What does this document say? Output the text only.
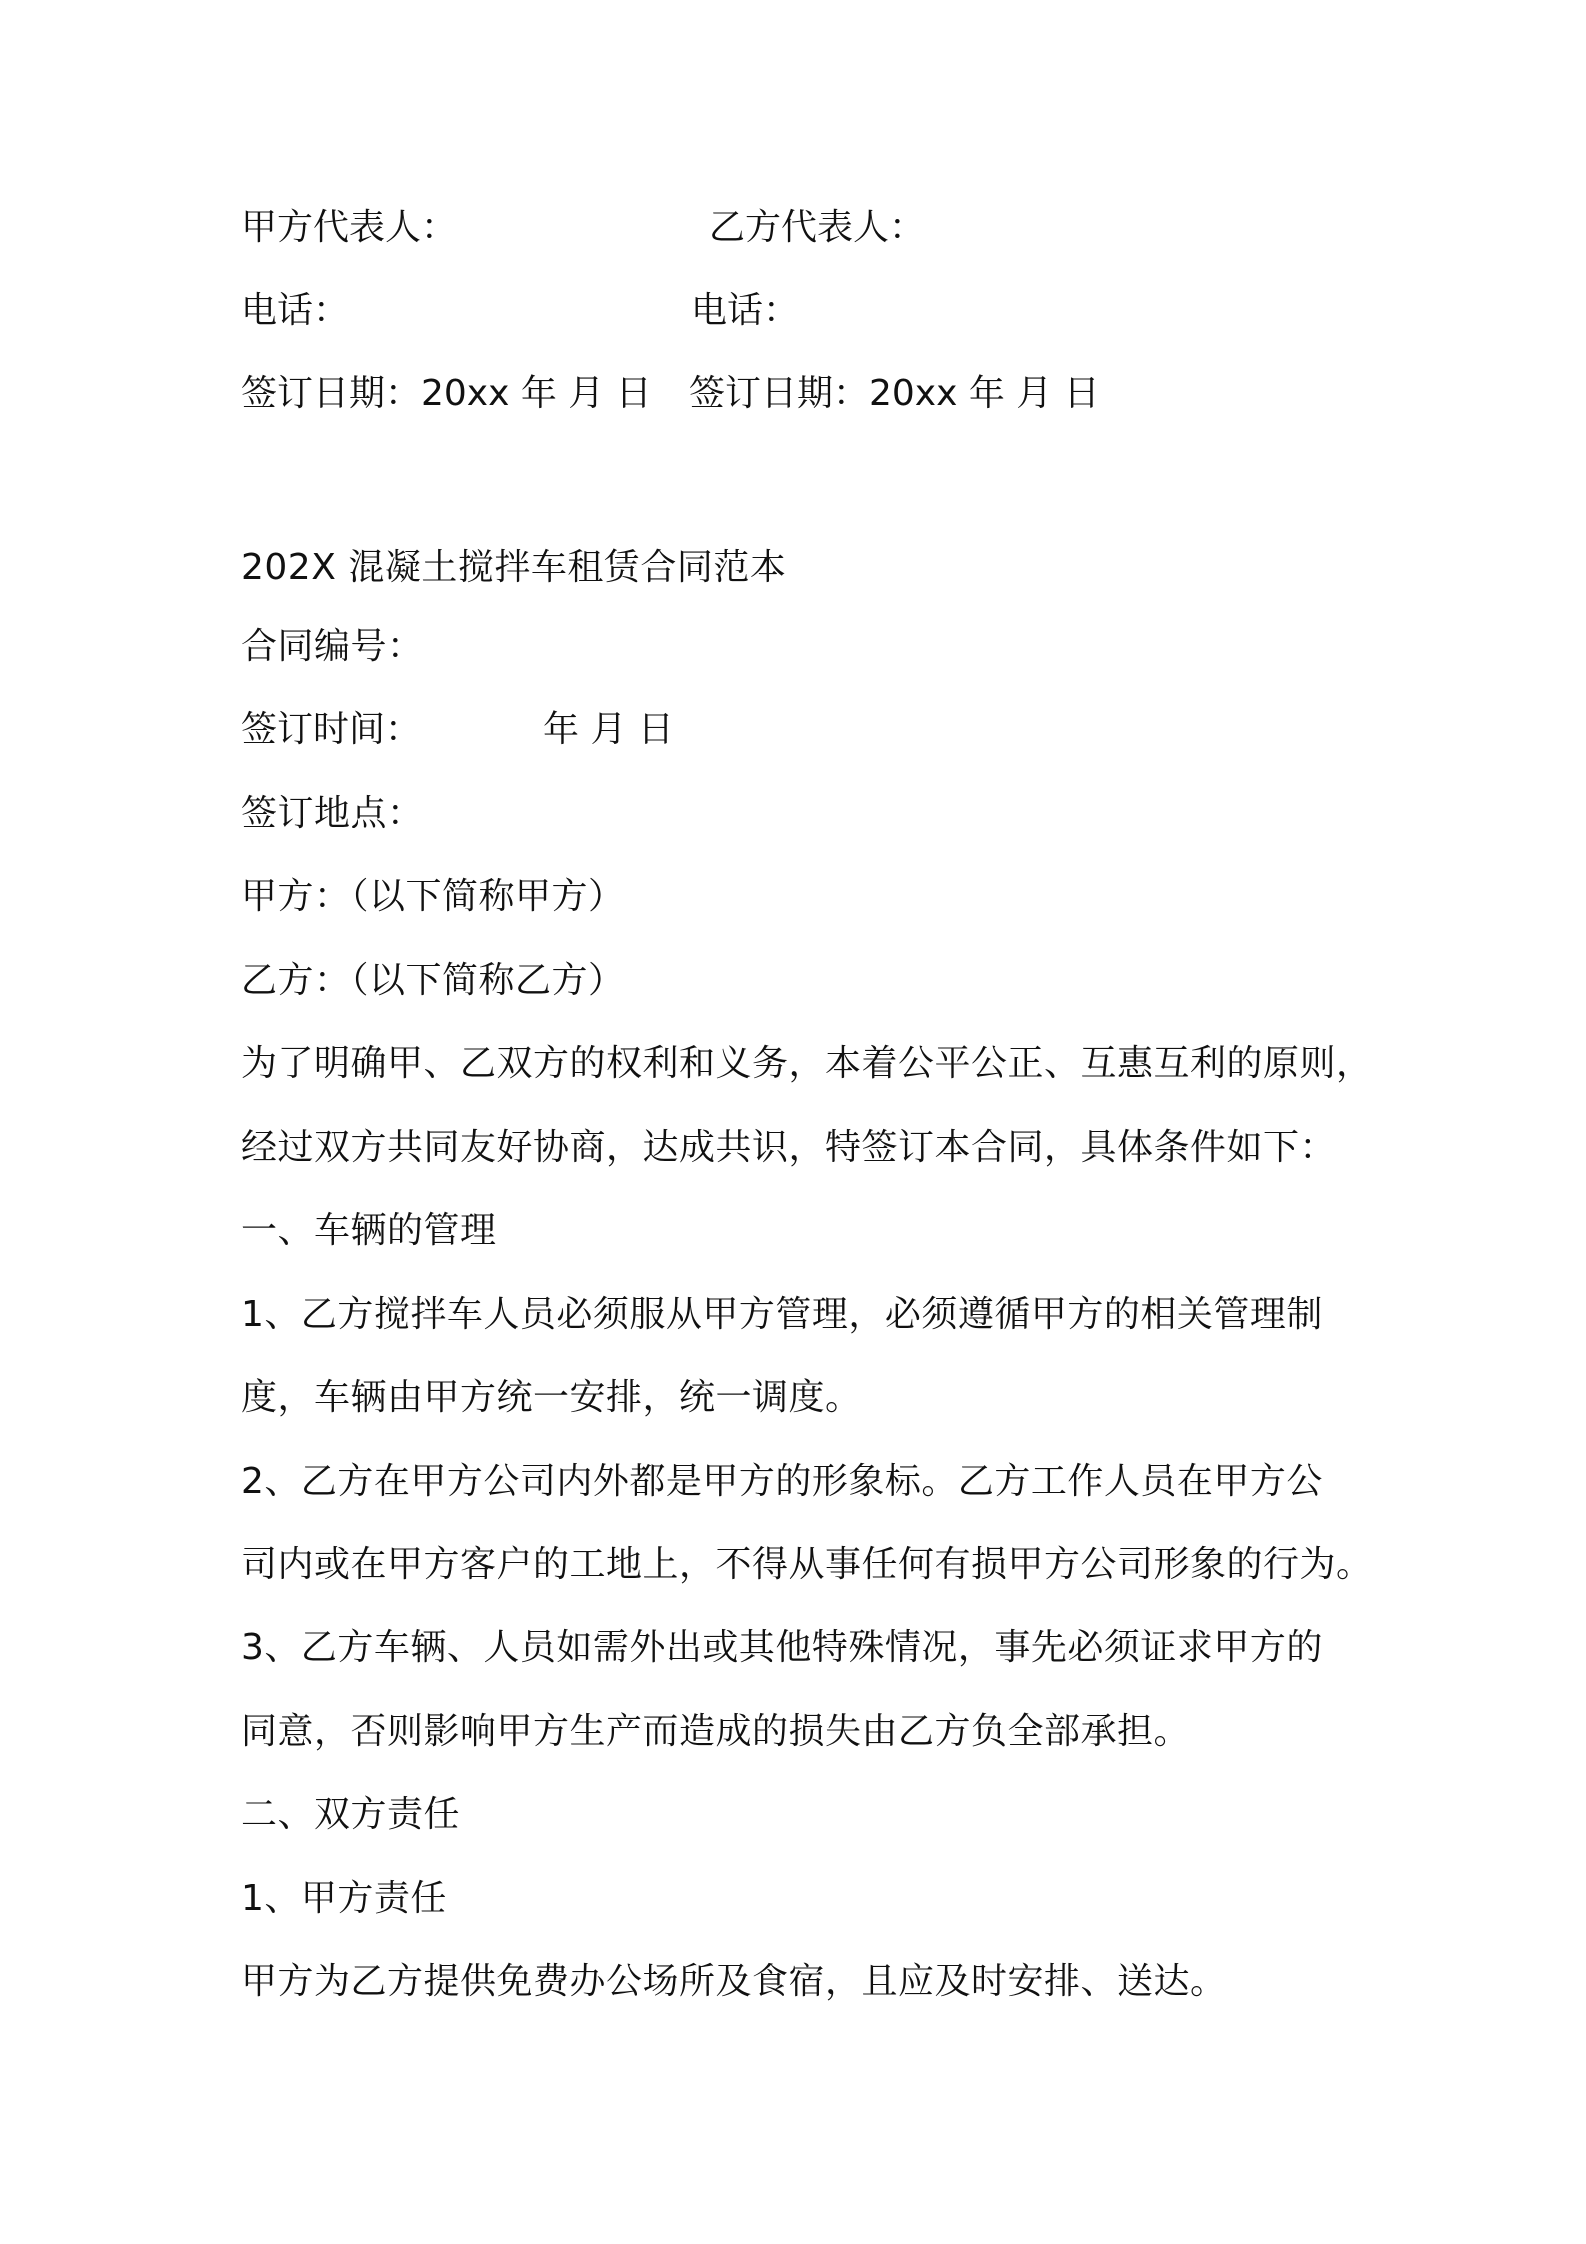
甲方代表人：	乙方代表人：
电话：	电话：
签订日期：20xx 年 月 日 签订日期：20xx 年 月 日
202X 混凝土搅拌车租赁合同范本
合同编号：
签订时间：	年 月 日
签订地点：
甲方：（以下简称甲方）
乙方：（以下简称乙方）
为了明确甲、乙双方的权利和义务，本着公平公正、互惠互利的原则，
经过双方共同友好协商，达成共识，特签订本合同，具体条件如下：
一、车辆的管理
1、乙方搅拌车人员必须服从甲方管理，必须遵循甲方的相关管理制
度，车辆由甲方统一安排，统一调度。
2、乙方在甲方公司内外都是甲方的形象标。乙方工作人员在甲方公
司内或在甲方客户的工地上，不得从事任何有损甲方公司形象的行为。
3、乙方车辆、人员如需外出或其他特殊情况，事先必须证求甲方的
同意，否则影响甲方生产而造成的损失由乙方负全部承担。
二、双方责任
1、甲方责任
甲方为乙方提供免费办公场所及食宿，且应及时安排、送达。
